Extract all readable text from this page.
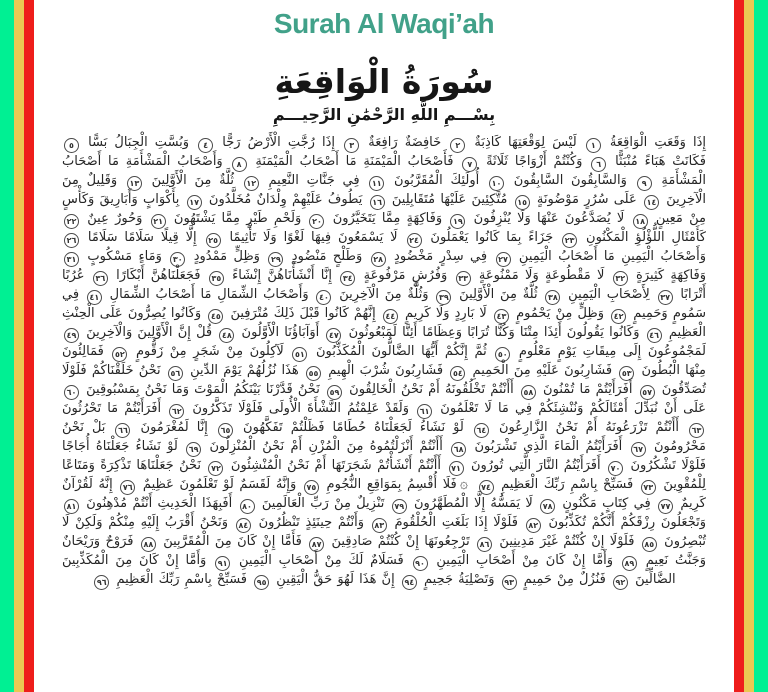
Surah Al Waqi’ah
سُورَةُ الْوَاقِعَةِ
بِسْـــمِ اللَّهِ الرَّحْمَٰنِ الرَّحِيـــمِ

إِذَا وَقَعَتِ الْوَاقِعَةُ ١ لَيْسَ لِوَقْعَتِهَا كَاذِبَةٌ ٢ خَافِضَةٌ رَافِعَةٌ ٣ إِذَا رُجَّتِ الْأَرْضُ رَجًّا ٤ وَبُسَّتِ الْجِبَالُ بَسًّا ٥ فَكَانَتْ هَبَاءً مُنْبَثًّا ٦ وَكُنْتُمْ أَزْوَاجًا ثَلَاثَةً ٧ فَأَصْحَابُ الْمَيْمَنَةِ مَا أَصْحَابُ الْمَيْمَنَةِ ٨ وَأَصْحَابُ الْمَشْأَمَةِ مَا أَصْحَابُ الْمَشْأَمَةِ ٩ وَالسَّابِقُونَ السَّابِقُونَ ١٠ أُولَئِكَ الْمُقَرَّبُونَ ١١ فِي جَنَّاتِ النَّعِيمِ ١٢ ثُلَّةٌ مِنَ الْأَوَّلِينَ ١٣ وَقَلِيلٌ مِنَ الْآخِرِينَ ١٤ عَلَى سُرُرٍ مَوْضُونَةٍ ١٥ مُتَّكِئِينَ عَلَيْهَا مُتَقَابِلِينَ ١٦ يَطُوفُ عَلَيْهِمْ وِلْدَانٌ مُخَلَّدُونَ ١٧ بِأَكْوَابٍ وَأَبَارِيقَ وَكَأْسٍ مِنْ مَعِينٍ ١٨ لَا يُصَدَّعُونَ عَنْهَا وَلَا يُنْزِفُونَ ١٩ وَفَاكِهَةٍ مِمَّا يَتَخَيَّرُونَ ٢٠ وَلَحْمِ طَيْرٍ مِمَّا يَشْتَهُونَ ٢١ وَحُورٌ عِينٌ ٢٢ كَأَمْثَالِ اللُّؤْلُؤِ الْمَكْنُونِ ٢٣ جَزَاءً بِمَا كَانُوا يَعْمَلُونَ ٢٤ لَا يَسْمَعُونَ فِيهَا لَغْوًا وَلَا تَأْثِيمًا ٢٥ إِلَّا قِيلًا سَلَامًا سَلَامًا ٢٦ وَأَصْحَابُ الْيَمِينِ مَا أَصْحَابُ الْيَمِينِ ٢٧ فِي سِدْرٍ مَخْضُودٍ ٢٨ وَطَلْحٍ مَنْضُودٍ ٢٩ وَظِلٍّ مَمْدُودٍ ٣٠ وَمَاءٍ مَسْكُوبٍ ٣١ وَفَاكِهَةٍ كَثِيرَةٍ ٣٢ لَا مَقْطُوعَةٍ وَلَا مَمْنُوعَةٍ ٣٣ وَفُرُشٍ مَرْفُوعَةٍ ٣٤ إِنَّا أَنْشَأْنَاهُنَّ إِنْشَاءً ٣٥ فَجَعَلْنَاهُنَّ أَبْكَارًا ٣٦ عُرُبًا أَتْرَابًا ٣٧ لِأَصْحَابِ الْيَمِينِ ٣٨ ثُلَّةٌ مِنَ الْأَوَّلِينَ ٣٩ وَثُلَّةٌ مِنَ الْآخِرِينَ ٤٠ وَأَصْحَابُ الشِّمَالِ مَا أَصْحَابُ الشِّمَالِ ٤١ فِي سَمُومٍ وَحَمِيمٍ ٤٢ وَظِلٍّ مِنْ يَحْمُومٍ ٤٣ لَا بَارِدٍ وَلَا كَرِيمٍ ٤٤ إِنَّهُمْ كَانُوا قَبْلَ ذَلِكَ مُتْرَفِينَ ٤٥ وَكَانُوا يُصِرُّونَ عَلَى الْحِنْثِ الْعَظِيمِ ٤٦ وَكَانُوا يَقُولُونَ أَئِذَا مِتْنَا وَكُنَّا تُرَابًا وَعِظَامًا أَئِنَّا لَمَبْعُوثُونَ ٤٧ أَوَآبَاؤُنَا الْأَوَّلُونَ ٤٨ قُلْ إِنَّ الْأَوَّلِينَ وَالْآخِرِينَ ٤٩ لَمَجْمُوعُونَ إِلَى مِيقَاتِ يَوْمٍ مَعْلُومٍ ٥٠ ثُمَّ إِنَّكُمْ أَيُّهَا الضَّالُّونَ الْمُكَذِّبُونَ ٥١ لَآكِلُونَ مِنْ شَجَرٍ مِنْ زَقُّومٍ ٥٢ فَمَالِئُونَ مِنْهَا الْبُطُونَ ٥٣ فَشَارِبُونَ عَلَيْهِ مِنَ الْحَمِيمِ ٥٤ فَشَارِبُونَ شُرْبَ الْهِيمِ ٥٥ هَذَا نُزُلُهُمْ يَوْمَ الدِّينِ ٥٦ نَحْنُ خَلَقْنَاكُمْ فَلَوْلَا تُصَدِّقُونَ ٥٧ أَفَرَأَيْتُمْ مَا تُمْنُونَ ٥٨ أَأَنْتُمْ تَخْلُقُونَهُ أَمْ نَحْنُ الْخَالِقُونَ ٥٩ نَحْنُ قَدَّرْنَا بَيْنَكُمُ الْمَوْتَ وَمَا نَحْنُ بِمَسْبُوقِينَ ٦٠ عَلَى أَنْ نُبَدِّلَ أَمْثَالَكُمْ وَنُنْشِئَكُمْ فِي مَا لَا تَعْلَمُونَ ٦١ وَلَقَدْ عَلِمْتُمُ النَّشْأَةَ الْأُولَى فَلَوْلَا تَذَكَّرُونَ ٦٢ أَفَرَأَيْتُمْ مَا تَحْرُثُونَ ٦٣ أَأَنْتُمْ تَزْرَعُونَهُ أَمْ نَحْنُ الزَّارِعُونَ ٦٤ لَوْ نَشَاءُ لَجَعَلْنَاهُ حُطَامًا فَظَلْتُمْ تَفَكَّهُونَ ٦٥ إِنَّا لَمُغْرَمُونَ ٦٦ بَلْ نَحْنُ مَحْرُومُونَ ٦٧ أَفَرَأَيْتُمُ الْمَاءَ الَّذِي تَشْرَبُونَ ٦٨ أَأَنْتُمْ أَنْزَلْتُمُوهُ مِنَ الْمُزْنِ أَمْ نَحْنُ الْمُنْزِلُونَ ٦٩ لَوْ نَشَاءُ جَعَلْنَاهُ أُجَاجًا فَلَوْلَا تَشْكُرُونَ ٧٠ أَفَرَأَيْتُمُ النَّارَ الَّتِي تُورُونَ ٧١ أَأَنْتُمْ أَنْشَأْتُمْ شَجَرَتَهَا أَمْ نَحْنُ الْمُنْشِئُونَ ٧٢ نَحْنُ جَعَلْنَاهَا تَذْكِرَةً وَمَتَاعًا لِلْمُقْوِينَ ٧٣ فَسَبِّحْ بِاسْمِ رَبِّكَ الْعَظِيمِ ٧٤ ۞فَلَا أُقْسِمُ بِمَوَاقِعِ النُّجُومِ ٧٥ وَإِنَّهُ لَقَسَمٌ لَوْ تَعْلَمُونَ عَظِيمٌ ٧٦ إِنَّهُ لَقُرْآنٌ كَرِيمٌ ٧٧ فِي كِتَابٍ مَكْنُونٍ ٧٨ لَا يَمَسُّهُ إِلَّا الْمُطَهَّرُونَ ٧٩ تَنْزِيلٌ مِنْ رَبِّ الْعَالَمِينَ ٨٠ أَفَبِهَذَا الْحَدِيثِ أَنْتُمْ مُدْهِنُونَ ٨١ وَتَجْعَلُونَ رِزْقَكُمْ أَنَّكُمْ تُكَذِّبُونَ ٨٢ فَلَوْلَا إِذَا بَلَغَتِ الْحُلْقُومَ ٨٣ وَأَنْتُمْ حِينَئِذٍ تَنْظُرُونَ ٨٤ وَنَحْنُ أَقْرَبُ إِلَيْهِ مِنْكُمْ وَلَكِنْ لَا تُبْصِرُونَ ٨٥ فَلَوْلَا إِنْ كُنْتُمْ غَيْرَ مَدِينِينَ ٨٦ تَرْجِعُونَهَا إِنْ كُنْتُمْ صَادِقِينَ ٨٧ فَأَمَّا إِنْ كَانَ مِنَ الْمُقَرَّبِينَ ٨٨ فَرَوْحٌ وَرَيْحَانٌ وَجَنَّتُ نَعِيمٍ ٨٩ وَأَمَّا إِنْ كَانَ مِنْ أَصْحَابِ الْيَمِينِ ٩٠ فَسَلَامٌ لَكَ مِنْ أَصْحَابِ الْيَمِينِ ٩١ وَأَمَّا إِنْ كَانَ مِنَ الْمُكَذِّبِينَ الضَّالِّينَ ٩٢ فَنُزُلٌ مِنْ حَمِيمٍ ٩٣ وَتَصْلِيَةُ جَحِيمٍ ٩٤ إِنَّ هَذَا لَهُوَ حَقُّ الْيَقِينِ ٩٥ فَسَبِّحْ بِاسْمِ رَبِّكَ الْعَظِيمِ ٩٦
